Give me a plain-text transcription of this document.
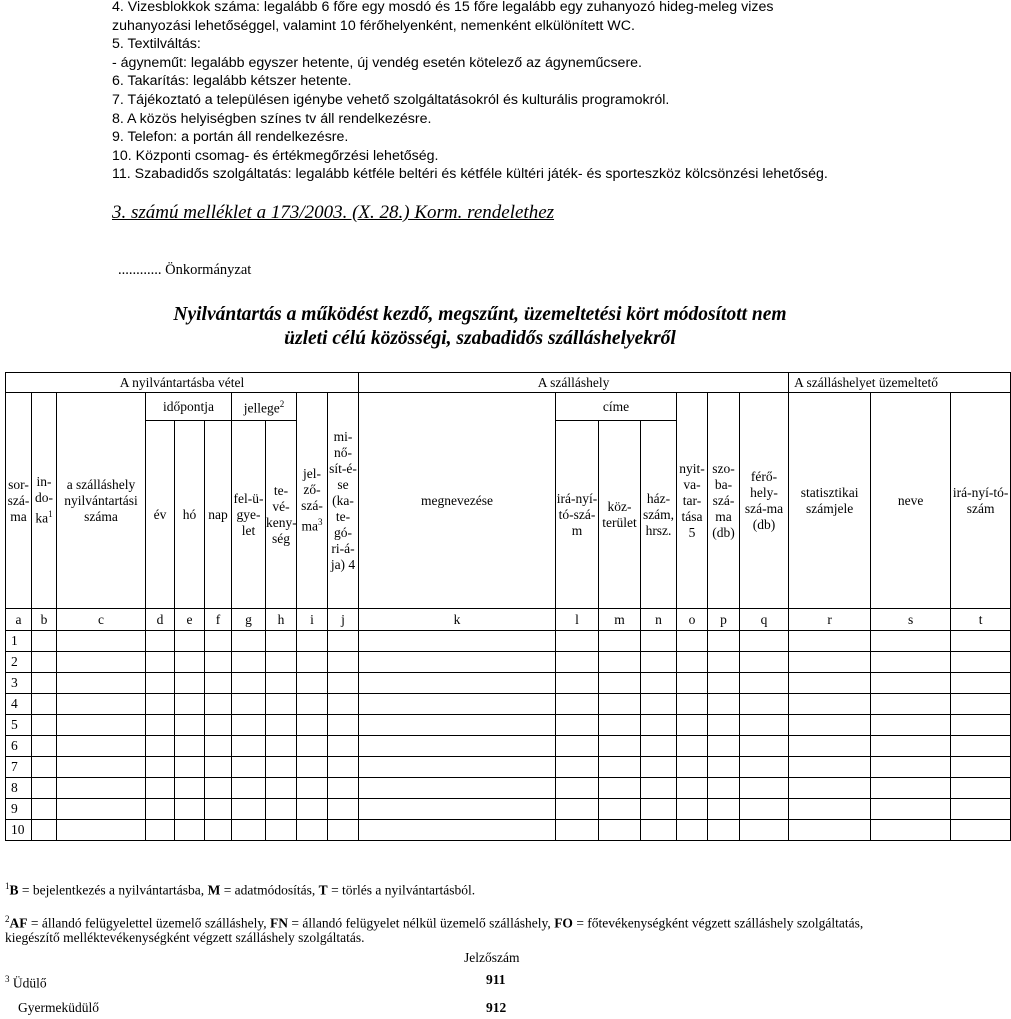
4. Vizesblokkok száma: legalább 6 főre egy mosdó és 15 főre legalább egy zuhanyozó hideg-meleg vizes
zuhanyozási lehetőséggel, valamint 10 férőhelyenként, nemenként elkülönített WC.
5. Textilváltás:
- ágyneműt: legalább egyszer hetente, új vendég esetén kötelező az ágyneműcsere.
6. Takarítás: legalább kétszer hetente.
7. Tájékoztató a településen igénybe vehető szolgáltatásokról és kulturális programokról.
8. A közös helyiségben színes tv áll rendelkezésre.
9. Telefon: a portán áll rendelkezésre.
10. Központi csomag- és értékmegőrzési lehetőség.
11. Szabadidős szolgáltatás: legalább kétféle beltéri és kétféle kültéri játék- és sporteszköz kölcsönzési lehetőség.
3. számú melléklet a 173/2003. (X. 28.) Korm. rendelethez
............ Önkormányzat
Nyilvántartás a működést kezdő, megszűnt, üzemeltetési kört módosított nem
üzleti célú közösségi, szabadidős szálláshelyekről
A nyilvántartásba vétel										A szálláshely							A szálláshelyet üzemeltető		
sor-szá-ma	$in-do-ka^1$	a szálláshely nyilvántartási száma	időpontja			jellege$^2$		jel-$ző-szá-ma^3$	mi-nő-sít-é-se (ka-te-gó-ri-á-ja) 4	megnevezése	címe			nyit-va-tar-tása 5	szo-ba-szá-ma (db)	férő-hely-szá-ma (db)	statisztikai számjele	neve	irá-nyí-tó-szám
			év	hó	nap	fel-ü-gye-let	te-vé-keny-ség				irá-nyí-tó-szá-m	köz-terület	ház-szám, hrsz.						
a	b	c	d	e	f	g	h	i	j	k	l	m	n	o	p	q	r	s	t
1																			
2																			
3																			
4																			
5																			
6																			
7																			
8																			
9																			
10																			
$^1$B = bejelentkezés a nyilvántartásba, M = adatmódosítás, T = törlés a nyilvántartásból.
$^2$AF = állandó felügyelettel üzemelő szálláshely, FN = állandó felügyelet nélkül üzemelő szálláshely, FO = főtevékenységként végzett szálláshely szolgáltatás,
kiegészítő melléktevékenységként végzett szálláshely szolgáltatás.
Jelzőszám
$^3$ Üdülő	911
Gyermeküdülő	912
